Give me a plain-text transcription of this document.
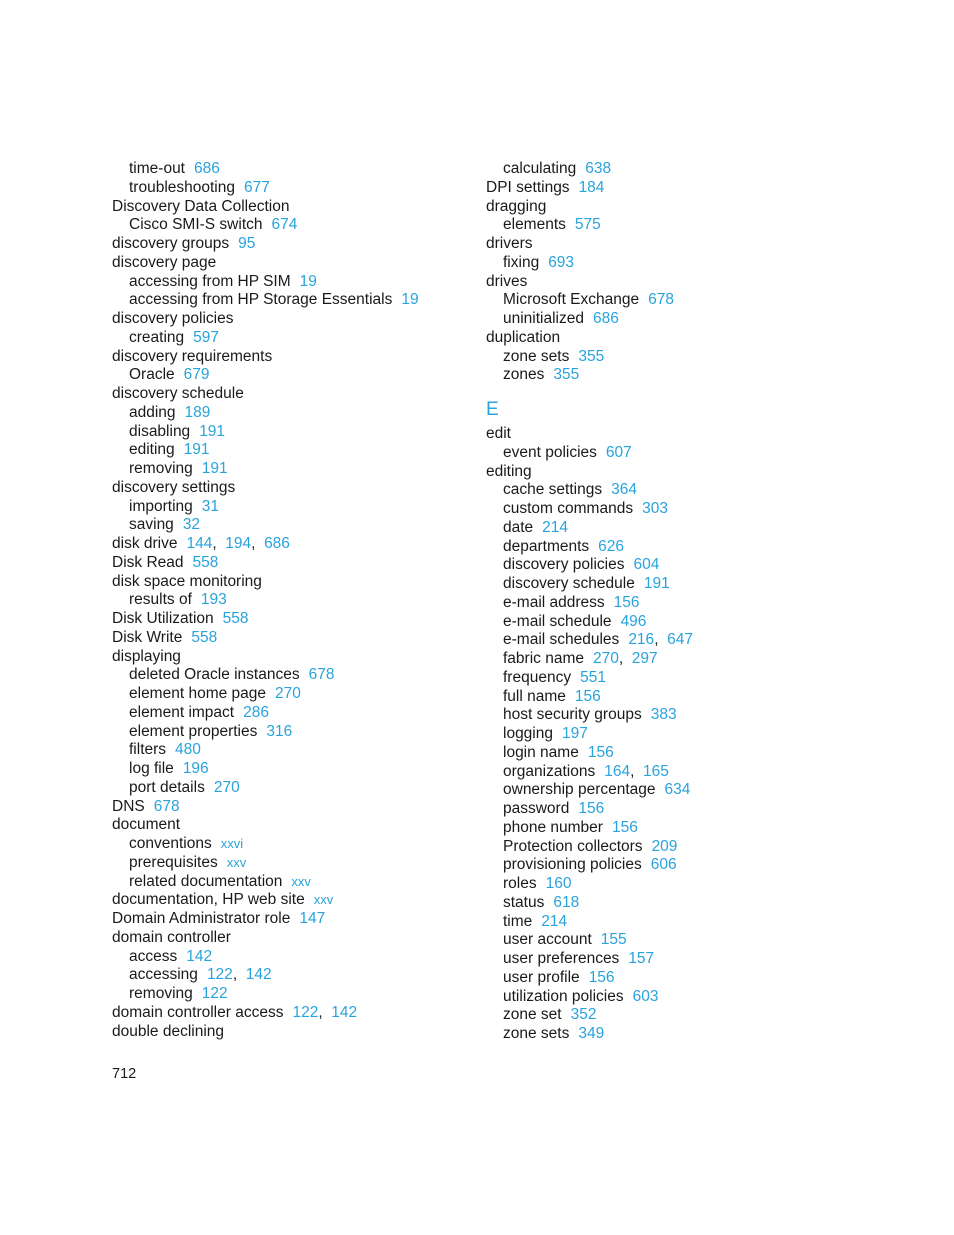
time-out 686
troubleshooting 677
Discovery Data Collection
Cisco SMI-S switch 674
discovery groups 95
discovery page
accessing from HP SIM 19
accessing from HP Storage Essentials 19
discovery policies
creating 597
discovery requirements
Oracle 679
discovery schedule
adding 189
disabling 191
editing 191
removing 191
discovery settings
importing 31
saving 32
disk drive 144,  194,  686
Disk Read 558
disk space monitoring
results of 193
Disk Utilization 558
Disk Write 558
displaying
deleted Oracle instances 678
element home page 270
element impact 286
element properties 316
filters 480
log file 196
port details 270
DNS 678
document
conventions xxvi
prerequisites xxv
related documentation xxv
documentation, HP web site xxv
Domain Administrator role 147
domain controller
access 142
accessing 122,  142
removing 122
domain controller access 122,  142
double declining
calculating 638
DPI settings 184
dragging
elements 575
drivers
fixing 693
drives
Microsoft Exchange 678
uninitialized 686
duplication
zone sets 355
zones 355
E
edit
event policies 607
editing
cache settings 364
custom commands 303
date 214
departments 626
discovery policies 604
discovery schedule 191
e-mail address 156
e-mail schedule 496
e-mail schedules 216,  647
fabric name 270,  297
frequency 551
full name 156
host security groups 383
logging 197
login name 156
organizations 164,  165
ownership percentage 634
password 156
phone number 156
Protection collectors 209
provisioning policies 606
roles 160
status 618
time 214
user account 155
user preferences 157
user profile 156
utilization policies 603
zone set 352
zone sets 349
712
